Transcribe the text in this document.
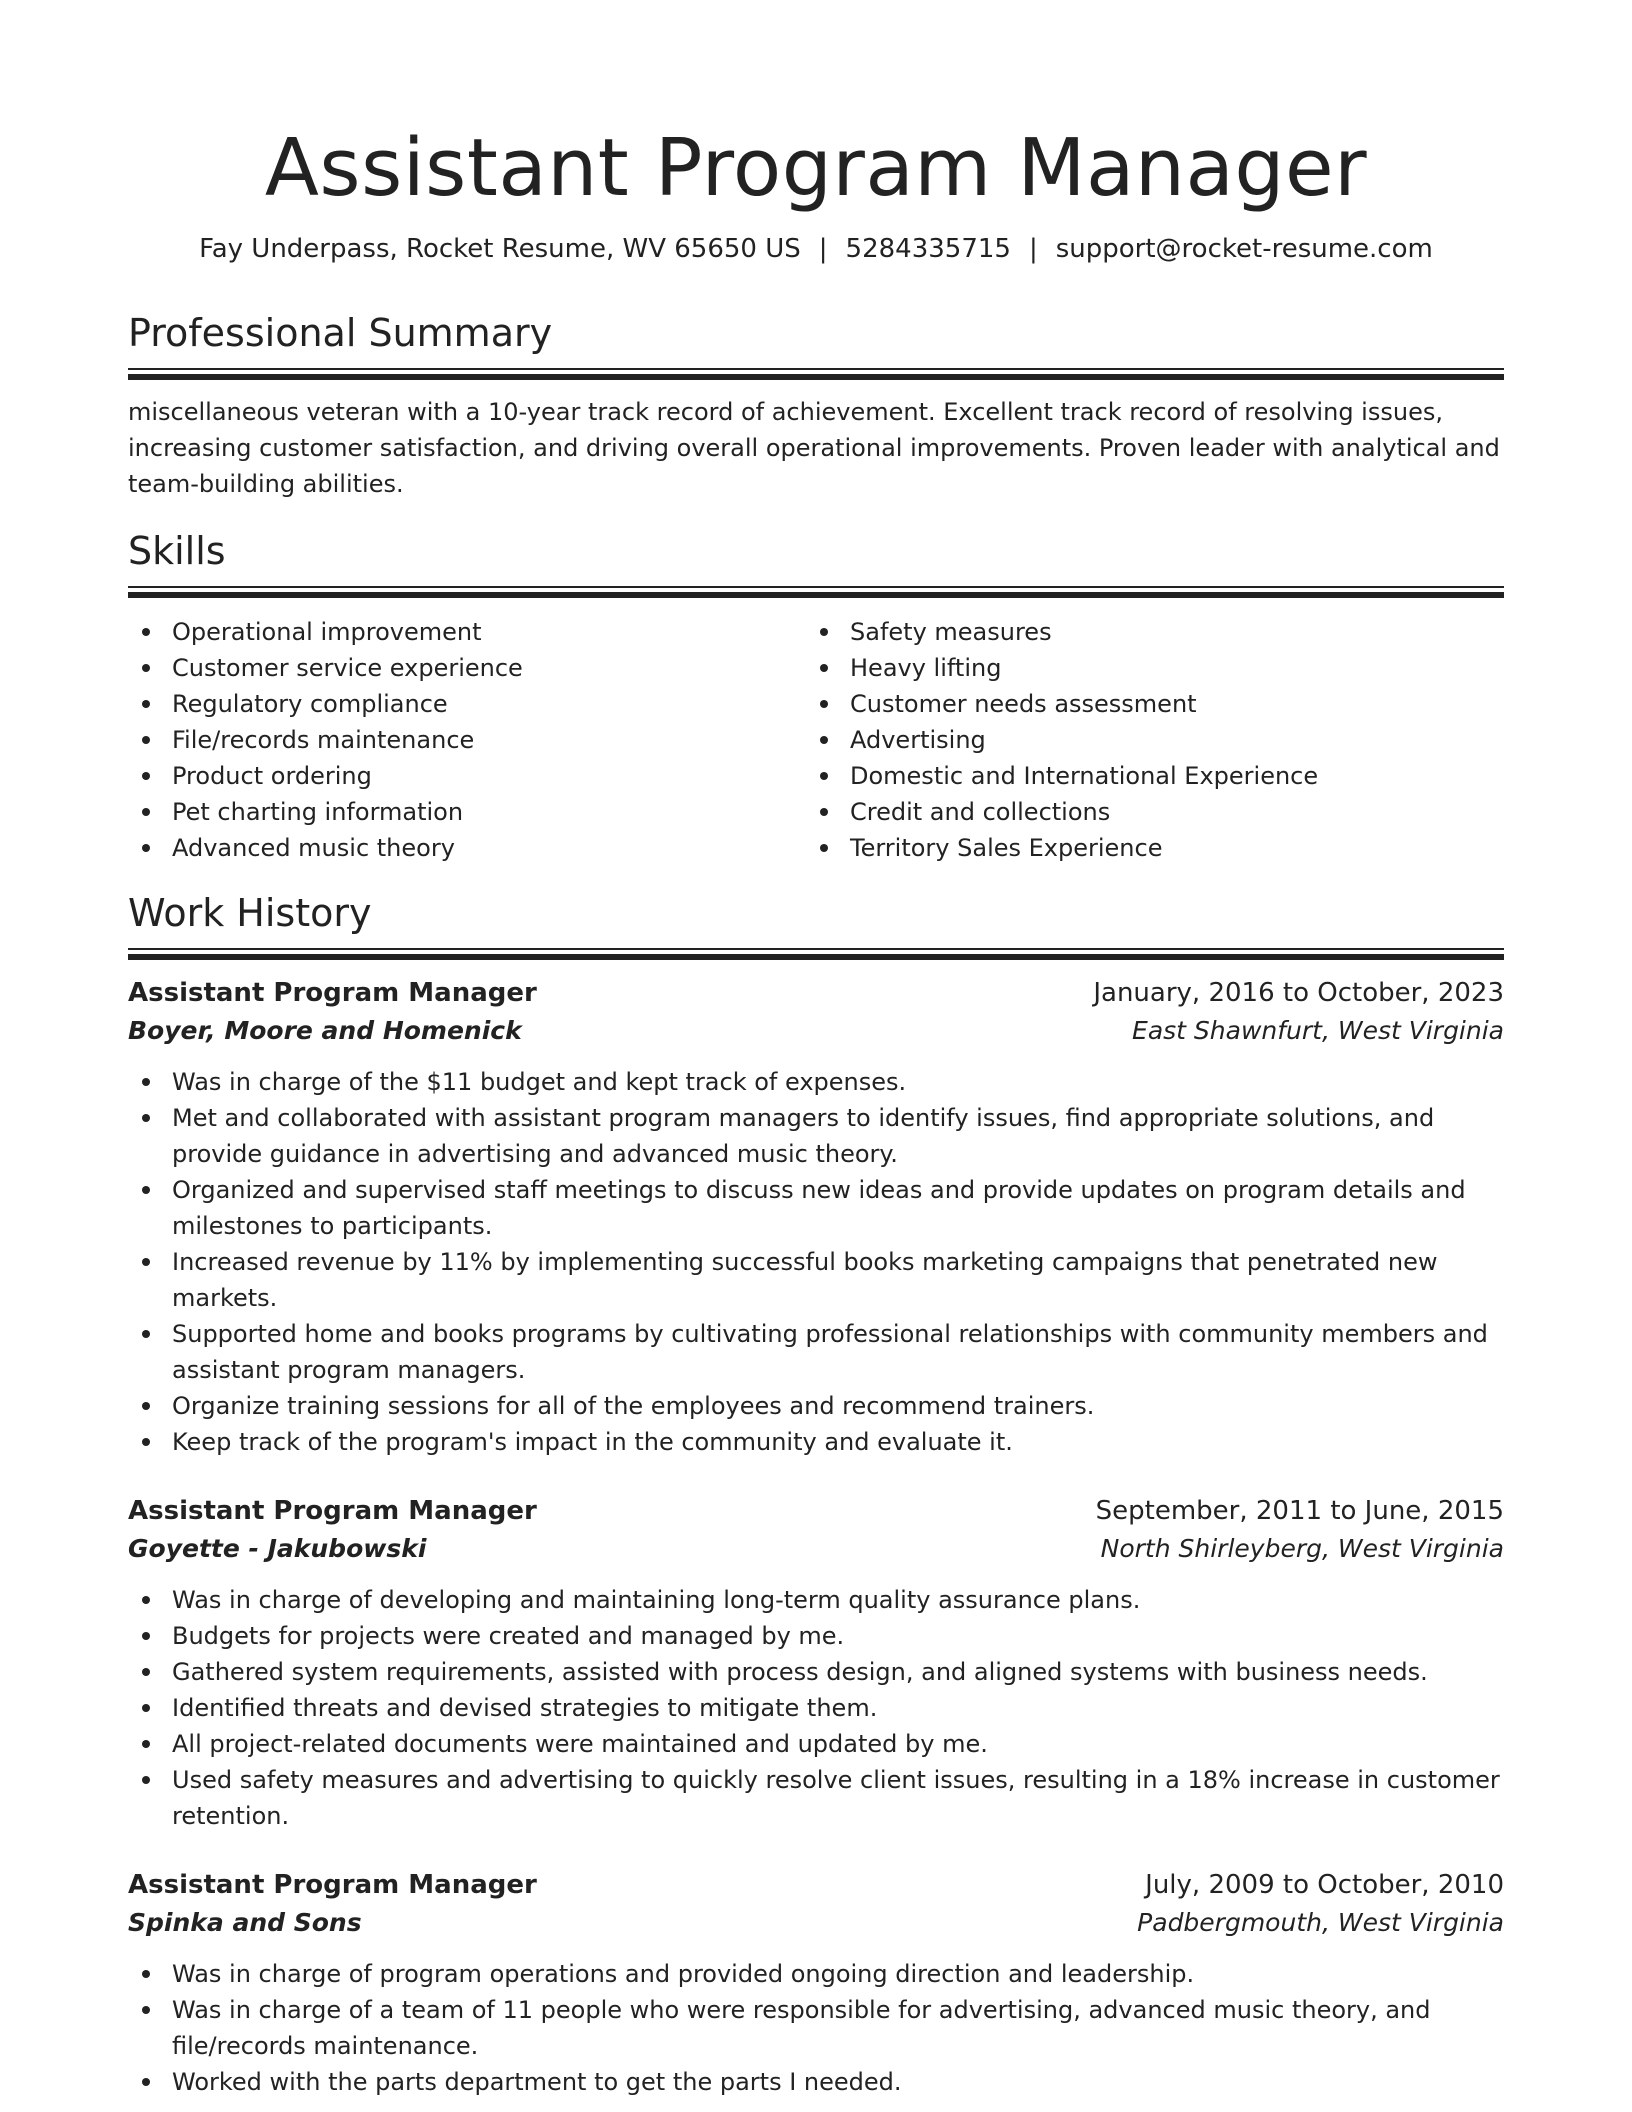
Assistant Program Manager
Fay Underpass, Rocket Resume, WV 65650 US | 5284335715 | support@rocket-resume.com
Professional Summary
miscellaneous veteran with a 10-year track record of achievement. Excellent track record of resolving issues, increasing customer satisfaction, and driving overall operational improvements. Proven leader with analytical and team-building abilities.
Skills
Operational improvement
Customer service experience
Regulatory compliance
File/records maintenance
Product ordering
Pet charting information
Advanced music theory
Safety measures
Heavy lifting
Customer needs assessment
Advertising
Domestic and International Experience
Credit and collections
Territory Sales Experience
Work History
Assistant Program Manager	January, 2016 to October, 2023
Boyer, Moore and Homenick	East Shawnfurt, West Virginia
Was in charge of the $11 budget and kept track of expenses.
Met and collaborated with assistant program managers to identify issues, find appropriate solutions, and provide guidance in advertising and advanced music theory.
Organized and supervised staff meetings to discuss new ideas and provide updates on program details and milestones to participants.
Increased revenue by 11% by implementing successful books marketing campaigns that penetrated new markets.
Supported home and books programs by cultivating professional relationships with community members and assistant program managers.
Organize training sessions for all of the employees and recommend trainers.
Keep track of the program's impact in the community and evaluate it.
Assistant Program Manager	September, 2011 to June, 2015
Goyette - Jakubowski	North Shirleyberg, West Virginia
Was in charge of developing and maintaining long-term quality assurance plans.
Budgets for projects were created and managed by me.
Gathered system requirements, assisted with process design, and aligned systems with business needs.
Identified threats and devised strategies to mitigate them.
All project-related documents were maintained and updated by me.
Used safety measures and advertising to quickly resolve client issues, resulting in a 18% increase in customer retention.
Assistant Program Manager	July, 2009 to October, 2010
Spinka and Sons	Padbergmouth, West Virginia
Was in charge of program operations and provided ongoing direction and leadership.
Was in charge of a team of 11 people who were responsible for advertising, advanced music theory, and file/records maintenance.
Worked with the parts department to get the parts I needed.
